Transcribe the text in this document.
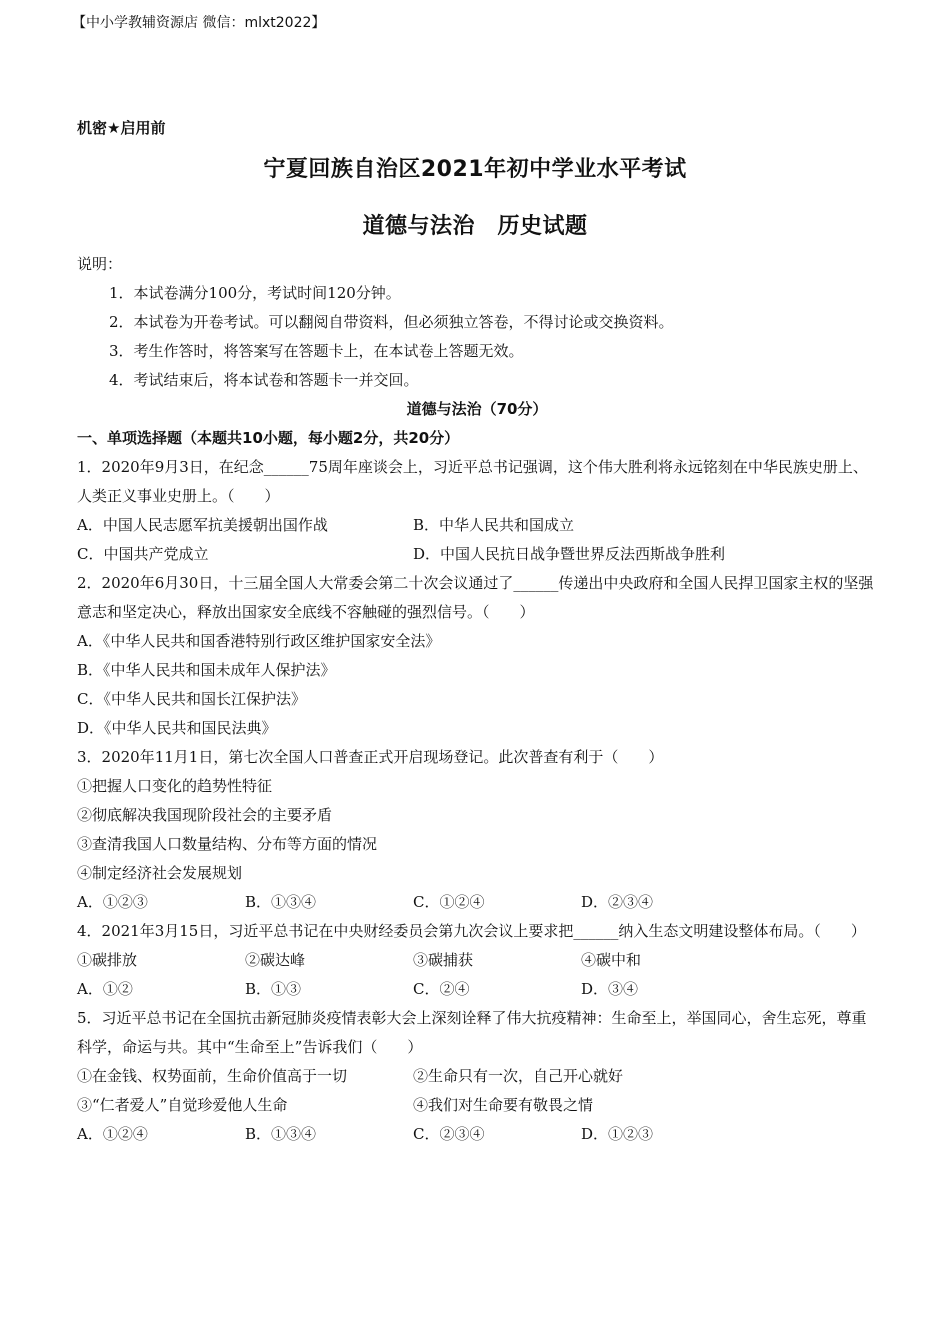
【中小学教辅资源店 微信：mlxt2022】
机密★启用前
宁夏回族自治区2021年初中学业水平考试
道德与法治　历史试题
说明：
1．本试卷满分100分，考试时间120分钟。
2．本试卷为开卷考试。可以翻阅自带资料，但必须独立答卷，不得讨论或交换资料。
3．考生作答时，将答案写在答题卡上，在本试卷上答题无效。
4．考试结束后，将本试卷和答题卡一并交回。
道德与法治（70分）
一、单项选择题（本题共10小题，每小题2分，共20分）
1．2020年9月3日，在纪念______75周年座谈会上，习近平总书记强调，这个伟大胜利将永远铭刻在中华民族史册上、人类正义事业史册上。（　　）
A．中国人民志愿军抗美援朝出国作战	B．中华人民共和国成立
C．中国共产党成立	D．中国人民抗日战争暨世界反法西斯战争胜利
2．2020年6月30日，十三届全国人大常委会第二十次会议通过了______传递出中央政府和全国人民捍卫国家主权的坚强意志和坚定决心，释放出国家安全底线不容触碰的强烈信号。（　　）
A．《中华人民共和国香港特别行政区维护国家安全法》
B．《中华人民共和国未成年人保护法》
C．《中华人民共和国长江保护法》
D．《中华人民共和国民法典》
3．2020年11月1日，第七次全国人口普查正式开启现场登记。此次普查有利于（　　）
①把握人口变化的趋势性特征
②彻底解决我国现阶段社会的主要矛盾
③查清我国人口数量结构、分布等方面的情况
④制定经济社会发展规划
A．①②③	B．①③④	C．①②④	D．②③④
4．2021年3月15日，习近平总书记在中央财经委员会第九次会议上要求把______纳入生态文明建设整体布局。（　　）
①碳排放	②碳达峰	③碳捕获	④碳中和
A．①②	B．①③	C．②④	D．③④
5．习近平总书记在全国抗击新冠肺炎疫情表彰大会上深刻诠释了伟大抗疫精神：生命至上，举国同心，舍生忘死，尊重科学，命运与共。其中“生命至上”告诉我们（　　）
①在金钱、权势面前，生命价值高于一切	②生命只有一次，自己开心就好
③“仁者爱人”自觉珍爱他人生命	④我们对生命要有敬畏之情
A．①②④	B．①③④	C．②③④	D．①②③
